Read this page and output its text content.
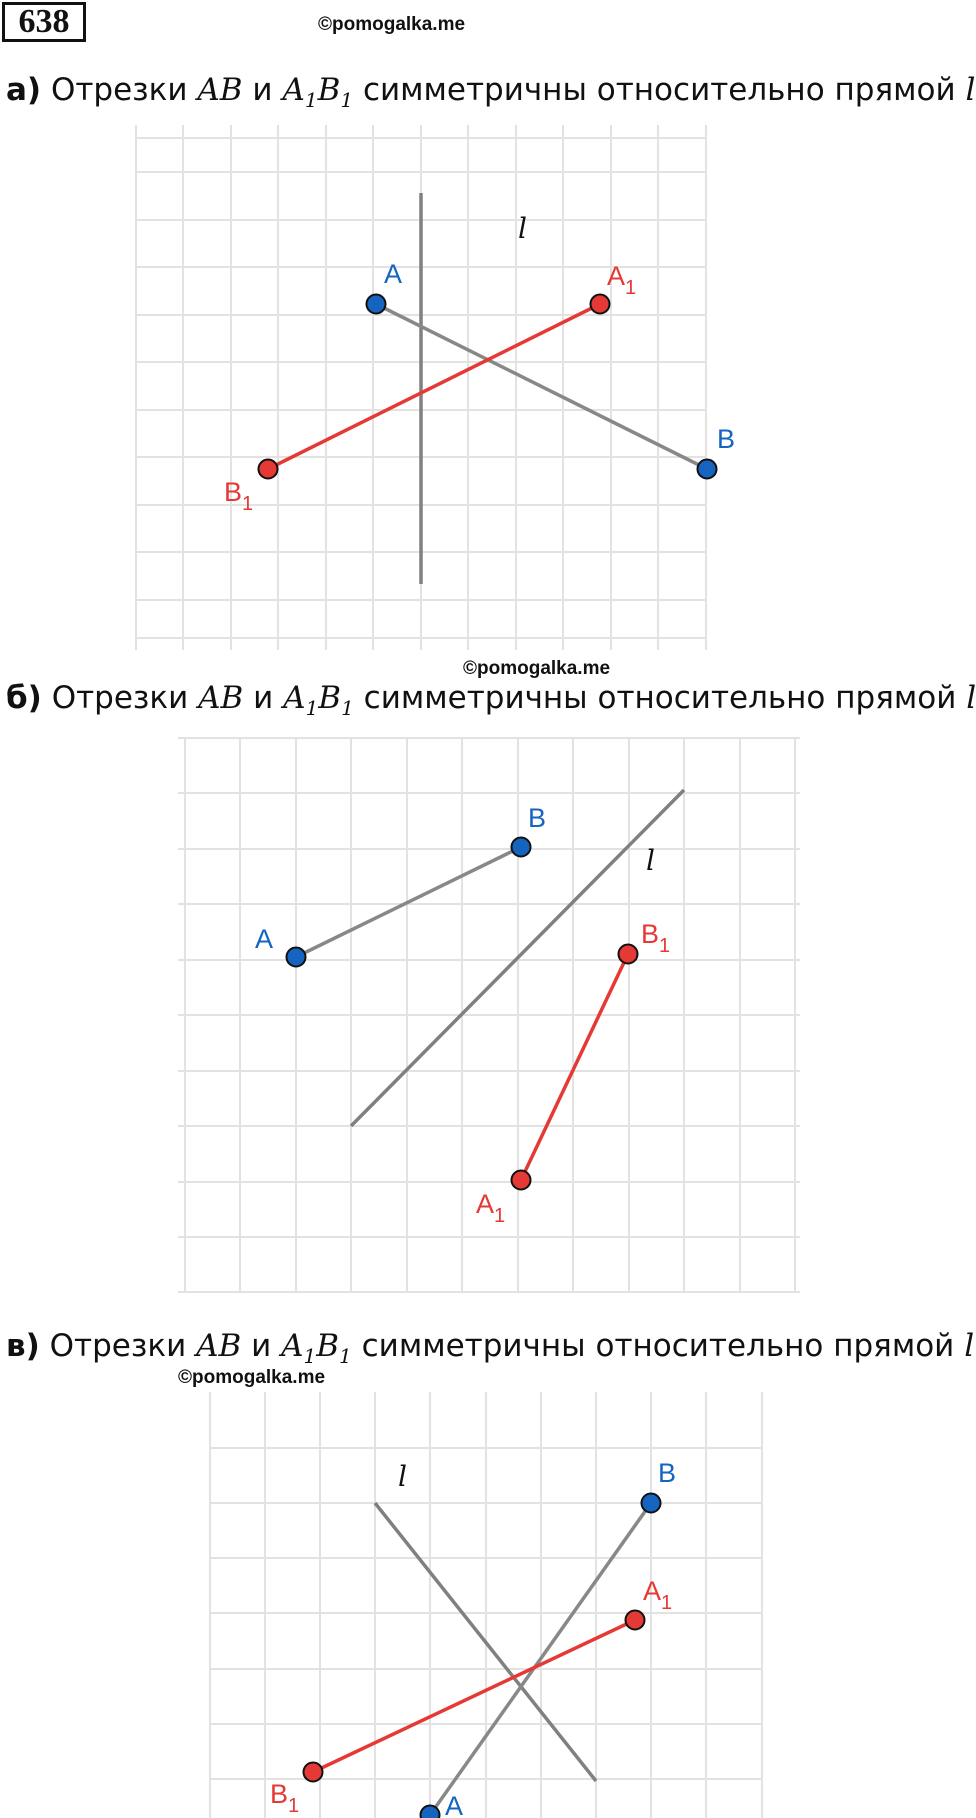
638	©pomogalka.me
а) Отрезки AB и $A_1B_1$ симметричны относительно прямой l
l
A
B
$A_1$
$B_1$
©pomogalka.me
б) Отрезки AB и $A_1B_1$ симметричны относительно прямой l
l
A
B
$B_1$
$A_1$
в) Отрезки AB и $A_1B_1$ симметричны относительно прямой l
©pomogalka.me
l	B
A
$A_1$
$B_1$
